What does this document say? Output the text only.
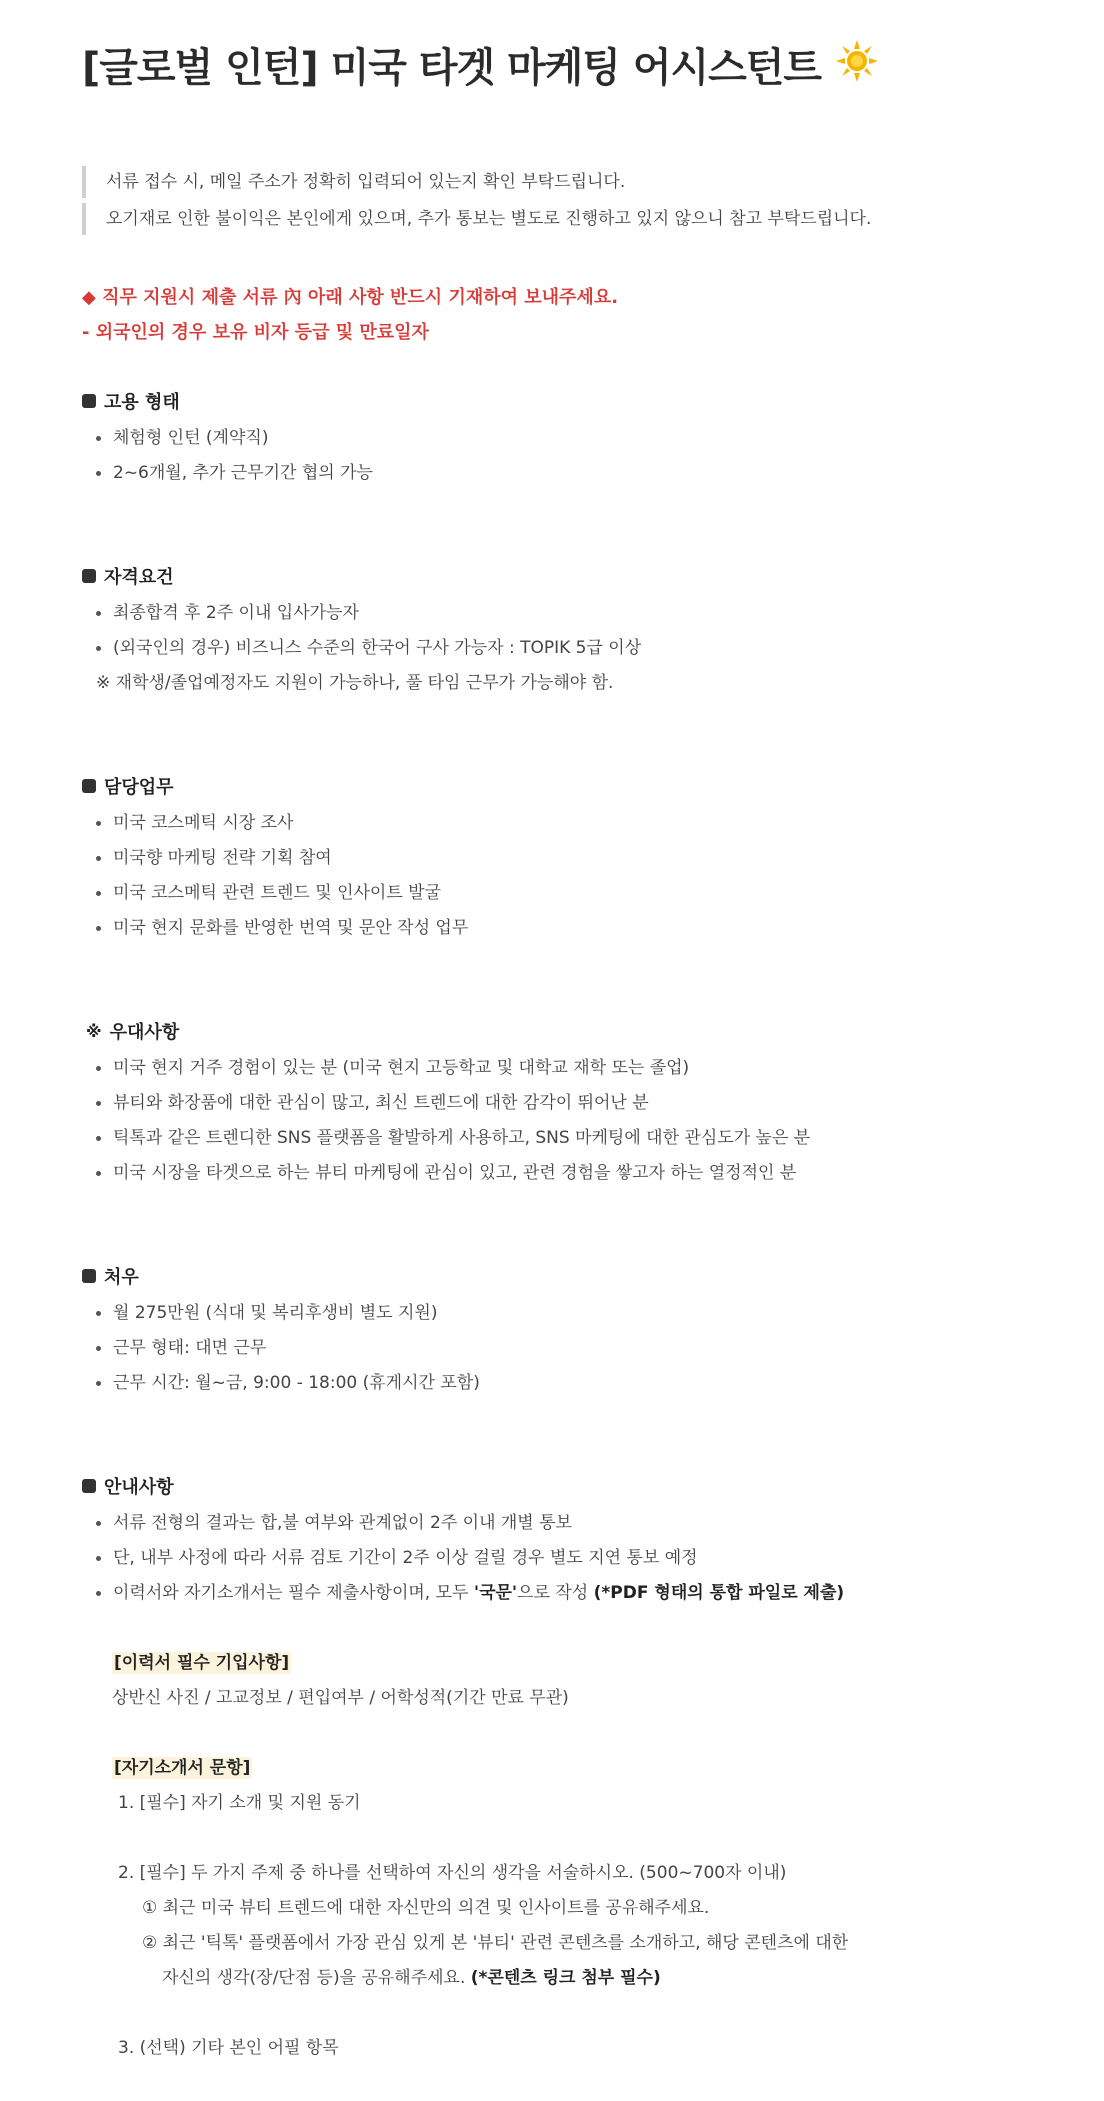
[글로벌 인턴] 미국 타겟 마케팅 어시스턴트
서류 접수 시, 메일 주소가 정확히 입력되어 있는지 확인 부탁드립니다.
오기재로 인한 불이익은 본인에게 있으며, 추가 통보는 별도로 진행하고 있지 않으니 참고 부탁드립니다.
◆ 직무 지원시 제출 서류 內 아래 사항 반드시 기재하여 보내주세요.
- 외국인의 경우 보유 비자 등급 및 만료일자
고용 형태
체험형 인턴 (계약직)
2~6개월, 추가 근무기간 협의 가능
자격요건
최종합격 후 2주 이내 입사가능자
(외국인의 경우) 비즈니스 수준의 한국어 구사 가능자 : TOPIK 5급 이상
※ 재학생/졸업예정자도 지원이 가능하나, 풀 타임 근무가 가능해야 함.
담당업무
미국 코스메틱 시장 조사
미국향 마케팅 전략 기획 참여
미국 코스메틱 관련 트렌드 및 인사이트 발굴
미국 현지 문화를 반영한 번역 및 문안 작성 업무
※ 우대사항
미국 현지 거주 경험이 있는 분 (미국 현지 고등학교 및 대학교 재학 또는 졸업)
뷰티와 화장품에 대한 관심이 많고, 최신 트렌드에 대한 감각이 뛰어난 분
틱톡과 같은 트렌디한 SNS 플랫폼을 활발하게 사용하고, SNS 마케팅에 대한 관심도가 높은 분
미국 시장을 타겟으로 하는 뷰티 마케팅에 관심이 있고, 관련 경험을 쌓고자 하는 열정적인 분
처우
월 275만원 (식대 및 복리후생비 별도 지원)
근무 형태: 대면 근무
근무 시간: 월~금, 9:00 - 18:00 (휴게시간 포함)
안내사항
서류 전형의 결과는 합,불 여부와 관계없이 2주 이내 개별 통보
단, 내부 사정에 따라 서류 검토 기간이 2주 이상 걸릴 경우 별도 지연 통보 예정
이력서와 자기소개서는 필수 제출사항이며, 모두 '국문'으로 작성 (*PDF 형태의 통합 파일로 제출)
[이력서 필수 기입사항]
상반신 사진 / 고교정보 / 편입여부 / 어학성적(기간 만료 무관)
[자기소개서 문항]
1. [필수] 자기 소개 및 지원 동기
2. [필수] 두 가지 주제 중 하나를 선택하여 자신의 생각을 서술하시오. (500~700자 이내)
① 최근 미국 뷰티 트렌드에 대한 자신만의 의견 및 인사이트를 공유해주세요.
② 최근 '틱톡' 플랫폼에서 가장 관심 있게 본 '뷰티' 관련 콘텐츠를 소개하고, 해당 콘텐츠에 대한
자신의 생각(장/단점 등)을 공유해주세요. (*콘텐츠 링크 첨부 필수)
3. (선택) 기타 본인 어필 항목
